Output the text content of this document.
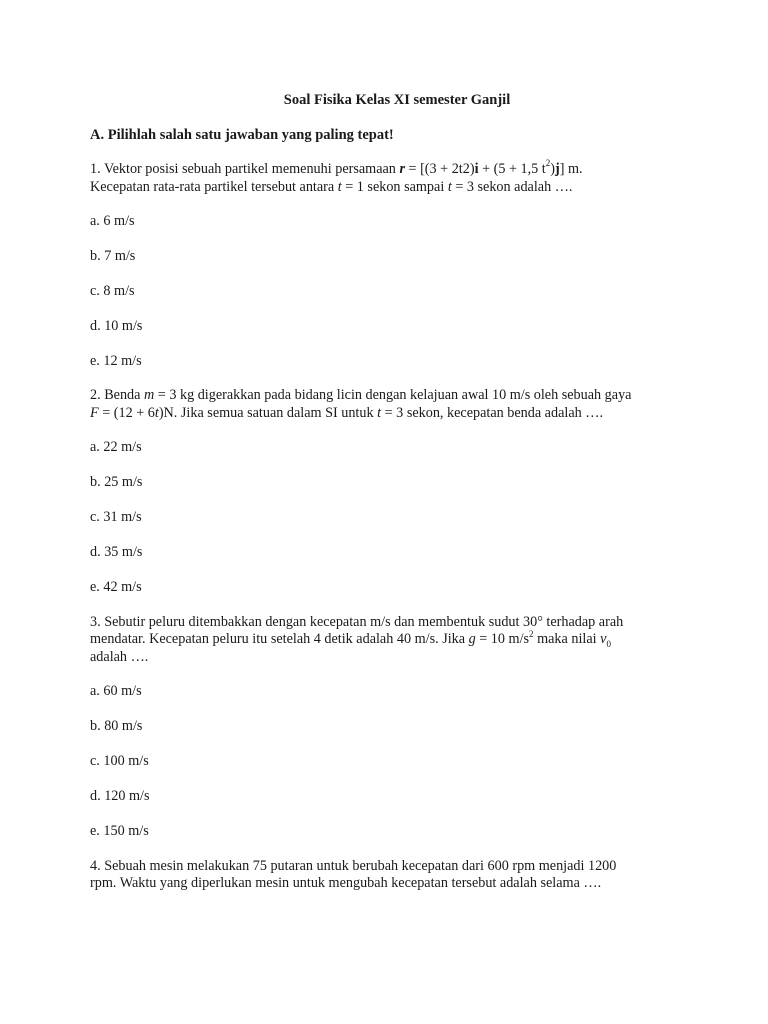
Soal Fisika Kelas XI semester Ganjil
A. Pilihlah salah satu jawaban yang paling tepat!
1. Vektor posisi sebuah partikel memenuhi persamaan r = [(3 + 2t2)i + (5 + 1,5 $t^2)j$] m.
Kecepatan rata-rata partikel tersebut antara t = 1 sekon sampai t = 3 sekon adalah ….
a. 6 m/s
b. 7 m/s
c. 8 m/s
d. 10 m/s
e. 12 m/s
2. Benda m = 3 kg digerakkan pada bidang licin dengan kelajuan awal 10 m/s oleh sebuah gaya
F = (12 + 6t)N. Jika semua satuan dalam SI untuk t = 3 sekon, kecepatan benda adalah ….
a. 22 m/s
b. 25 m/s
c. 31 m/s
d. 35 m/s
e. 42 m/s
3. Sebutir peluru ditembakkan dengan kecepatan m/s dan membentuk sudut 30° terhadap arah
mendatar. Kecepatan peluru itu setelah 4 detik adalah 40 m/s. Jika g = 10 $m/s^2$ maka nilai $v_0$
adalah ….
a. 60 m/s
b. 80 m/s
c. 100 m/s
d. 120 m/s
e. 150 m/s
4. Sebuah mesin melakukan 75 putaran untuk berubah kecepatan dari 600 rpm menjadi 1200
rpm. Waktu yang diperlukan mesin untuk mengubah kecepatan tersebut adalah selama ….
